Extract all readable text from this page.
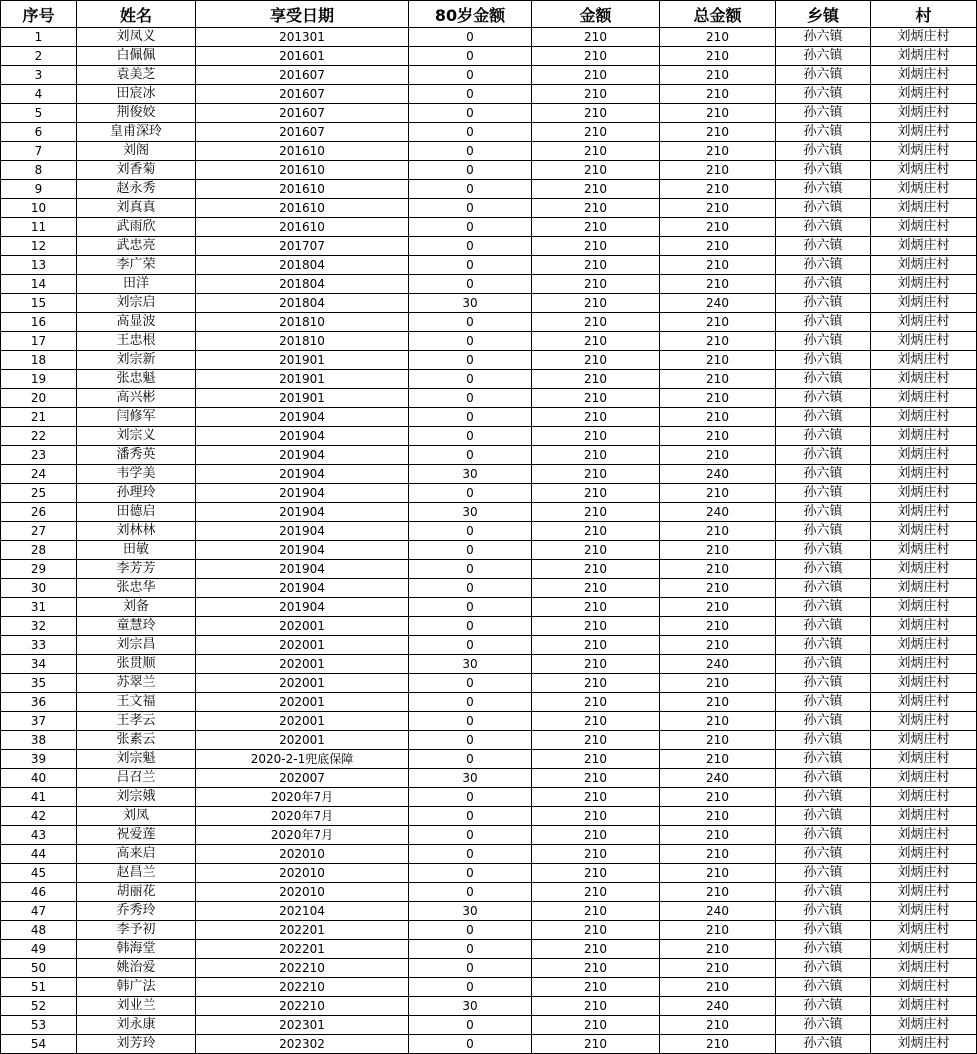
序号	姓名	享受日期	80岁金额	金额	总金额	乡镇	村
1	刘凤义	201301	0	210	210	孙六镇	刘炳庄村
2	白佩佩	201601	0	210	210	孙六镇	刘炳庄村
3	袁美芝	201607	0	210	210	孙六镇	刘炳庄村
4	田宸冰	201607	0	210	210	孙六镇	刘炳庄村
5	荆俊姣	201607	0	210	210	孙六镇	刘炳庄村
6	皇甫深玲	201607	0	210	210	孙六镇	刘炳庄村
7	刘阁	201610	0	210	210	孙六镇	刘炳庄村
8	刘香菊	201610	0	210	210	孙六镇	刘炳庄村
9	赵永秀	201610	0	210	210	孙六镇	刘炳庄村
10	刘真真	201610	0	210	210	孙六镇	刘炳庄村
11	武雨欣	201610	0	210	210	孙六镇	刘炳庄村
12	武忠亮	201707	0	210	210	孙六镇	刘炳庄村
13	李广荣	201804	0	210	210	孙六镇	刘炳庄村
14	田洋	201804	0	210	210	孙六镇	刘炳庄村
15	刘宗启	201804	30	210	240	孙六镇	刘炳庄村
16	高显波	201810	0	210	210	孙六镇	刘炳庄村
17	王忠根	201810	0	210	210	孙六镇	刘炳庄村
18	刘宗新	201901	0	210	210	孙六镇	刘炳庄村
19	张忠魁	201901	0	210	210	孙六镇	刘炳庄村
20	高兴彬	201901	0	210	210	孙六镇	刘炳庄村
21	闫修军	201904	0	210	210	孙六镇	刘炳庄村
22	刘宗义	201904	0	210	210	孙六镇	刘炳庄村
23	潘秀英	201904	0	210	210	孙六镇	刘炳庄村
24	韦学美	201904	30	210	240	孙六镇	刘炳庄村
25	孙理玲	201904	0	210	210	孙六镇	刘炳庄村
26	田德启	201904	30	210	240	孙六镇	刘炳庄村
27	刘林林	201904	0	210	210	孙六镇	刘炳庄村
28	田敏	201904	0	210	210	孙六镇	刘炳庄村
29	李芳芳	201904	0	210	210	孙六镇	刘炳庄村
30	张忠华	201904	0	210	210	孙六镇	刘炳庄村
31	刘备	201904	0	210	210	孙六镇	刘炳庄村
32	童慧玲	202001	0	210	210	孙六镇	刘炳庄村
33	刘宗昌	202001	0	210	210	孙六镇	刘炳庄村
34	张贯顺	202001	30	210	240	孙六镇	刘炳庄村
35	苏翠兰	202001	0	210	210	孙六镇	刘炳庄村
36	王文福	202001	0	210	210	孙六镇	刘炳庄村
37	王孝云	202001	0	210	210	孙六镇	刘炳庄村
38	张素云	202001	0	210	210	孙六镇	刘炳庄村
39	刘宗魁	2020-2-1兜底保障	0	210	210	孙六镇	刘炳庄村
40	吕召兰	202007	30	210	240	孙六镇	刘炳庄村
41	刘宗娥	2020年7月	0	210	210	孙六镇	刘炳庄村
42	刘凤	2020年7月	0	210	210	孙六镇	刘炳庄村
43	祝爱莲	2020年7月	0	210	210	孙六镇	刘炳庄村
44	高来启	202010	0	210	210	孙六镇	刘炳庄村
45	赵昌兰	202010	0	210	210	孙六镇	刘炳庄村
46	胡丽花	202010	0	210	210	孙六镇	刘炳庄村
47	乔秀玲	202104	30	210	240	孙六镇	刘炳庄村
48	李予初	202201	0	210	210	孙六镇	刘炳庄村
49	韩海堂	202201	0	210	210	孙六镇	刘炳庄村
50	姚治爱	202210	0	210	210	孙六镇	刘炳庄村
51	韩广法	202210	0	210	210	孙六镇	刘炳庄村
52	刘业兰	202210	30	210	240	孙六镇	刘炳庄村
53	刘永康	202301	0	210	210	孙六镇	刘炳庄村
54	刘芳玲	202302	0	210	210	孙六镇	刘炳庄村
